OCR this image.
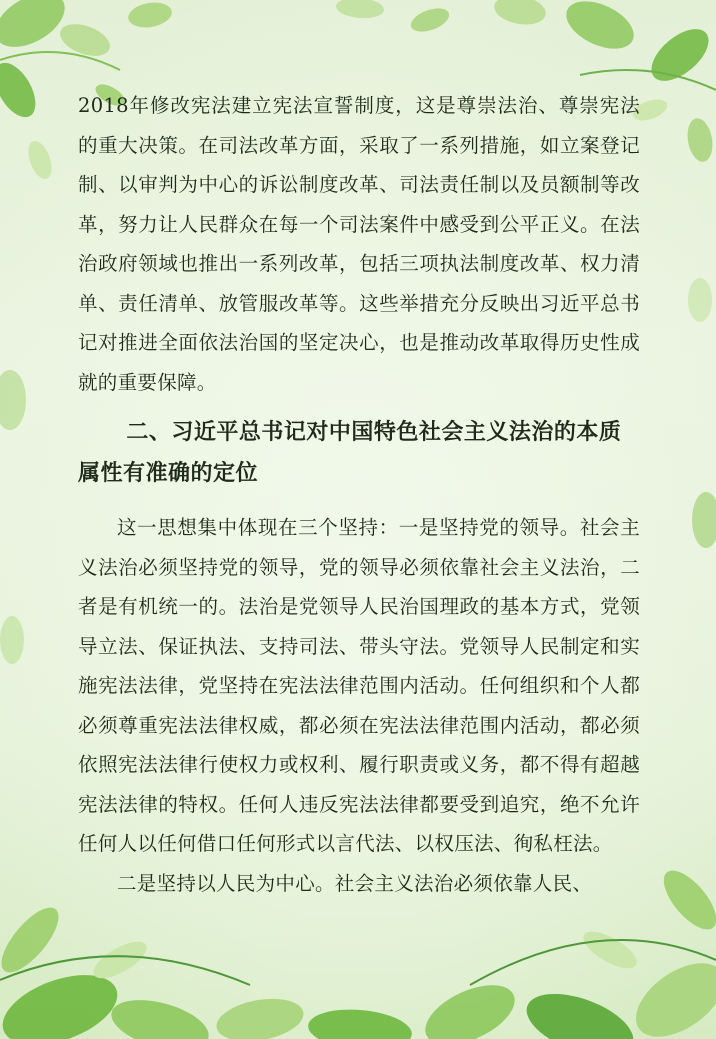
2018年修改宪法建立宪法宣誓制度，这是尊崇法治、尊崇宪法的重大决策。在司法改革方面，采取了一系列措施，如立案登记制、以审判为中心的诉讼制度改革、司法责任制以及员额制等改革，努力让人民群众在每一个司法案件中感受到公平正义。在法治政府领域也推出一系列改革，包括三项执法制度改革、权力清单、责任清单、放管服改革等。这些举措充分反映出习近平总书记对推进全面依法治国的坚定决心，也是推动改革取得历史性成就的重要保障。

二、习近平总书记对中国特色社会主义法治的本质属性有准确的定位

这一思想集中体现在三个坚持：一是坚持党的领导。社会主义法治必须坚持党的领导，党的领导必须依靠社会主义法治，二者是有机统一的。法治是党领导人民治国理政的基本方式，党领导立法、保证执法、支持司法、带头守法。党领导人民制定和实施宪法法律，党坚持在宪法法律范围内活动。任何组织和个人都必须尊重宪法法律权威，都必须在宪法法律范围内活动，都必须依照宪法法律行使权力或权利、履行职责或义务，都不得有超越宪法法律的特权。任何人违反宪法法律都要受到追究，绝不允许任何人以任何借口任何形式以言代法、以权压法、徇私枉法。

二是坚持以人民为中心。社会主义法治必须依靠人民、
